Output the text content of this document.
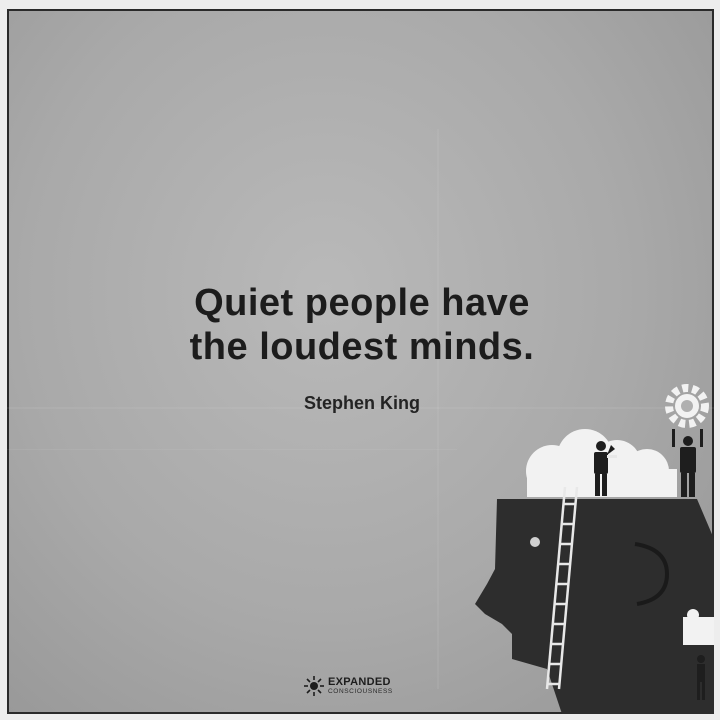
Quiet people have
the loudest minds.
Stephen King
EXPANDED
CONSCIOUSNESS
